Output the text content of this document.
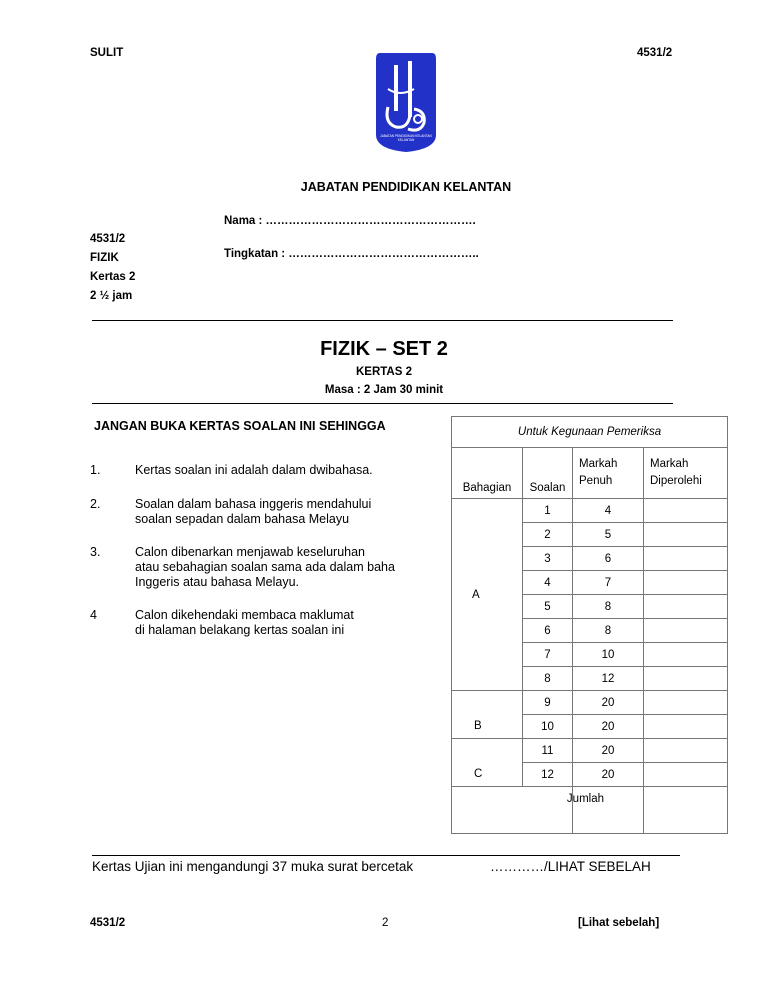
SULIT	4531/2
JABATAN PENDIDIKAN KELANTAN
KELANTAN
JABATAN PENDIDIKAN KELANTAN
Nama : ……………………………………………….
Tingkatan : …………………………………………..
4531/2
FIZIK
Kertas 2
2 ½ jam
FIZIK – SET 2
KERTAS 2
Masa : 2 Jam 30 minit
JANGAN BUKA KERTAS SOALAN INI SEHINGGA
1.	Kertas soalan ini adalah dalam dwibahasa.
2.	Soalan dalam bahasa inggeris mendahului
soalan sepadan dalam bahasa Melayu
3.	Calon dibenarkan menjawab keseluruhan
atau sebahagian soalan sama ada dalam baha
Inggeris atau bahasa Melayu.
4	Calon dikehendaki membaca maklumat
di halaman belakang kertas soalan ini
Untuk Kegunaan Pemeriksa			
Bahagian	Soalan	Markah Penuh	Markah Diperolehi
A	1	4	
	2	5	
	3	6	
	4	7	
	5	8	
	6	8	
	7	10	
	8	12	
B	9	20	
	10	20	
C	11	20	
	12	20	
Jumlah			
Kertas Ujian ini mengandungi 37 muka surat bercetak	…………/LIHAT SEBELAH
4531/2	2	[Lihat sebelah]
